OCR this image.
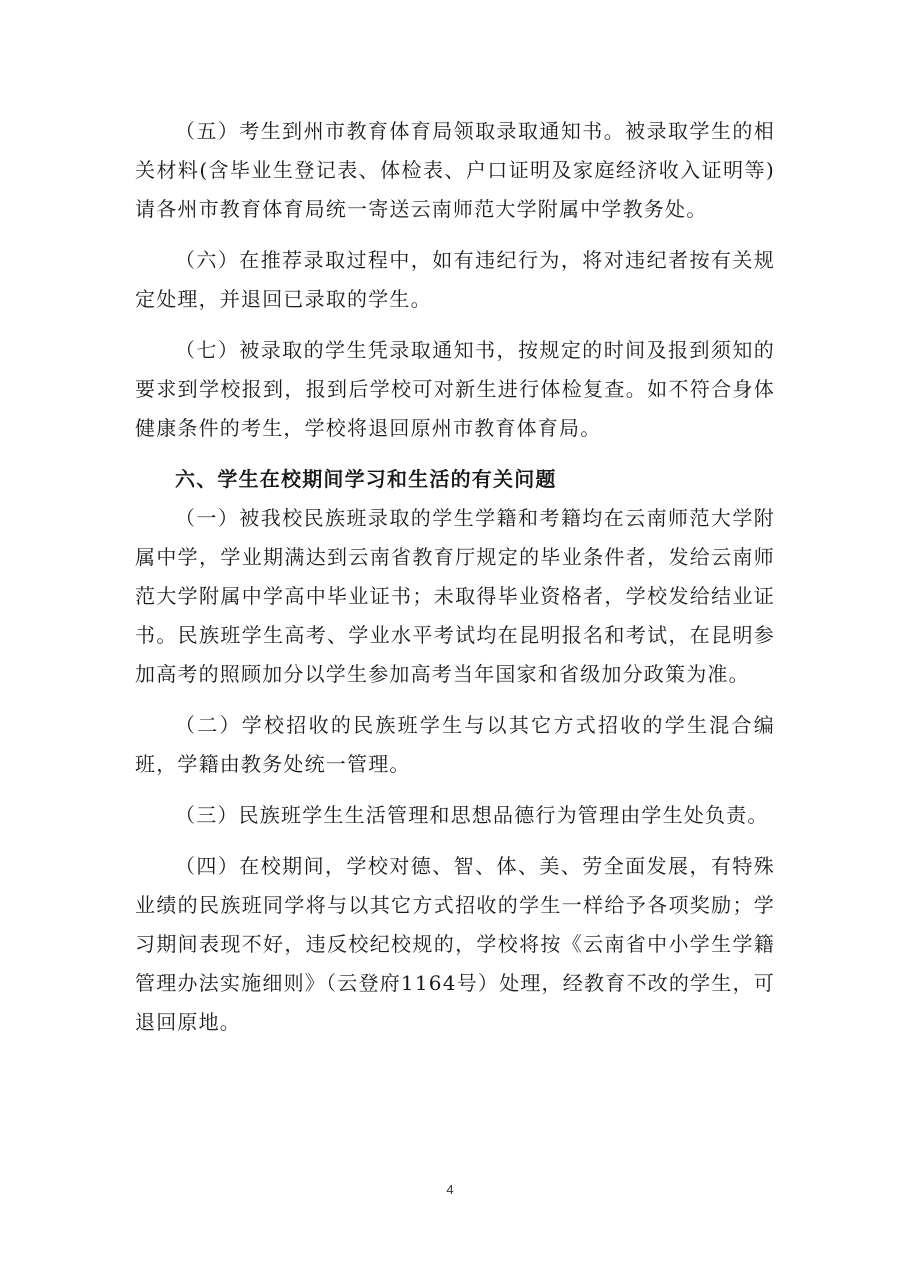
（五）考生到州市教育体育局领取录取通知书。被录取学生的相关材料(含毕业生登记表、体检表、户口证明及家庭经济收入证明等)请各州市教育体育局统一寄送云南师范大学附属中学教务处。

（六）在推荐录取过程中，如有违纪行为，将对违纪者按有关规定处理，并退回已录取的学生。

（七）被录取的学生凭录取通知书，按规定的时间及报到须知的要求到学校报到，报到后学校可对新生进行体检复查。如不符合身体健康条件的考生，学校将退回原州市教育体育局。

六、学生在校期间学习和生活的有关问题

（一）被我校民族班录取的学生学籍和考籍均在云南师范大学附属中学，学业期满达到云南省教育厅规定的毕业条件者，发给云南师范大学附属中学高中毕业证书；未取得毕业资格者，学校发给结业证书。民族班学生高考、学业水平考试均在昆明报名和考试，在昆明参加高考的照顾加分以学生参加高考当年国家和省级加分政策为准。

（二）学校招收的民族班学生与以其它方式招收的学生混合编班，学籍由教务处统一管理。

（三）民族班学生生活管理和思想品德行为管理由学生处负责。

（四）在校期间，学校对德、智、体、美、劳全面发展，有特殊业绩的民族班同学将与以其它方式招收的学生一样给予各项奖励；学习期间表现不好，违反校纪校规的，学校将按《云南省中小学生学籍管理办法实施细则》（云登府1164号）处理，经教育不改的学生，可退回原地。

4
